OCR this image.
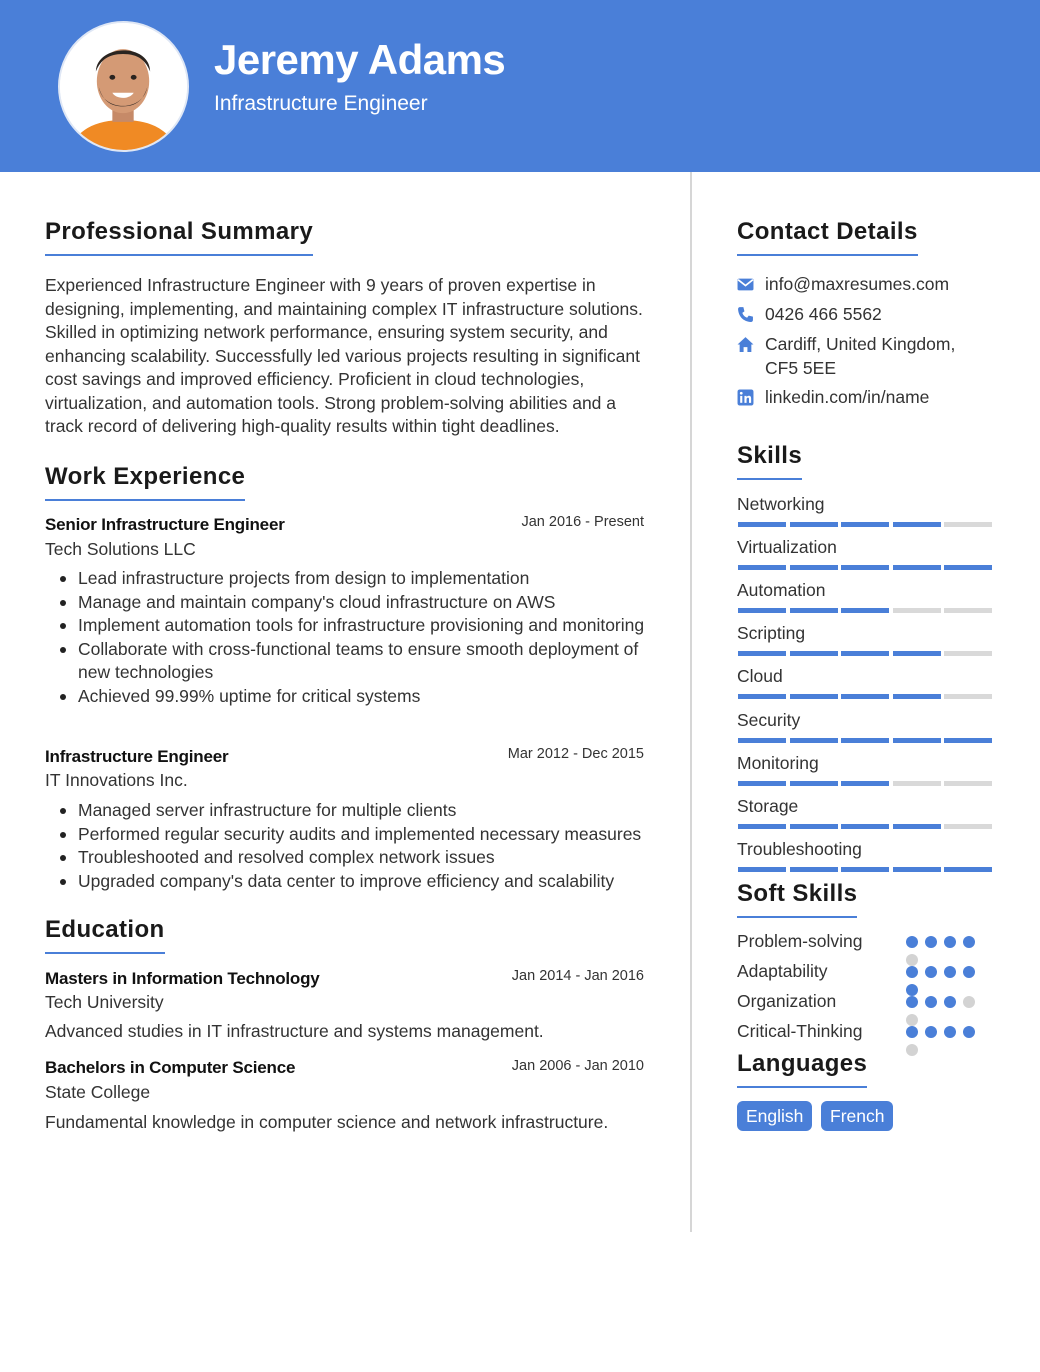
Jeremy Adams
Infrastructure Engineer
Professional Summary
Experienced Infrastructure Engineer with 9 years of proven expertise in designing, implementing, and maintaining complex IT infrastructure solutions. Skilled in optimizing network performance, ensuring system security, and enhancing scalability. Successfully led various projects resulting in significant cost savings and improved efficiency. Proficient in cloud technologies, virtualization, and automation tools. Strong problem-solving abilities and a track record of delivering high-quality results within tight deadlines.
Work Experience
Senior Infrastructure Engineer	Jan 2016 - Present
Tech Solutions LLC
Lead infrastructure projects from design to implementation
Manage and maintain company's cloud infrastructure on AWS
Implement automation tools for infrastructure provisioning and monitoring
Collaborate with cross-functional teams to ensure smooth deployment of new technologies
Achieved 99.99% uptime for critical systems
Infrastructure Engineer	Mar 2012 - Dec 2015
IT Innovations Inc.
Managed server infrastructure for multiple clients
Performed regular security audits and implemented necessary measures
Troubleshooted and resolved complex network issues
Upgraded company's data center to improve efficiency and scalability
Education
Masters in Information Technology	Jan 2014 - Jan 2016
Tech University
Advanced studies in IT infrastructure and systems management.
Bachelors in Computer Science	Jan 2006 - Jan 2010
State College
Fundamental knowledge in computer science and network infrastructure.
Contact Details
info@maxresumes.com
0426 466 5562
Cardiff, United Kingdom,
CF5 5EE
linkedin.com/in/name
Skills
Networking
Virtualization
Automation
Scripting
Cloud
Security
Monitoring
Storage
Troubleshooting
Soft Skills
Problem-solving
Adaptability
Organization
Critical-Thinking
Languages
English	French
